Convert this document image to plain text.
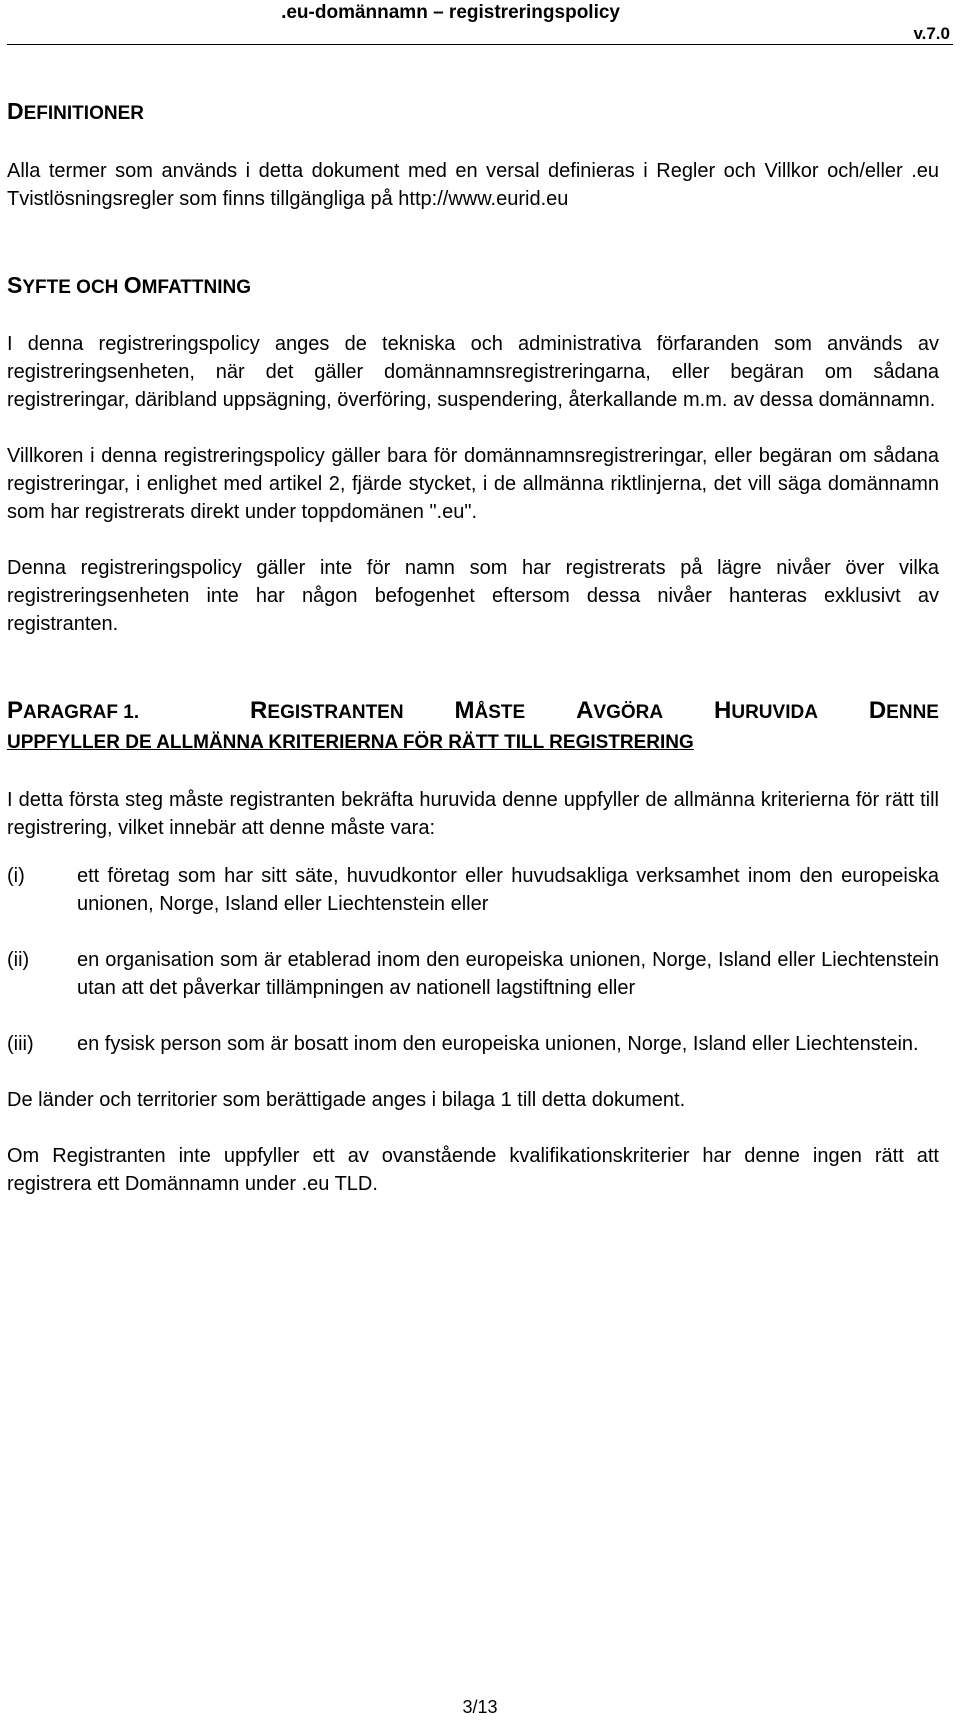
.eu-domännamn – registreringspolicy
v.7.0
DEFINITIONER

Alla termer som används i detta dokument med en versal definieras i Regler och Villkor och/eller .eu Tvistlösningsregler som finns tillgängliga på http://www.eurid.eu

SYFTE OCH OMFATTNING

I denna registreringspolicy anges de tekniska och administrativa förfaranden som används av registreringsenheten, när det gäller domännamnsregistreringarna, eller begäran om sådana registreringar, däribland uppsägning, överföring, suspendering, återkallande m.m. av dessa domännamn.

Villkoren i denna registreringspolicy gäller bara för domännamnsregistreringar, eller begäran om sådana registreringar, i enlighet med artikel 2, fjärde stycket, i de allmänna riktlinjerna, det vill säga domännamn som har registrerats direkt under toppdomänen ".eu".

Denna registreringspolicy gäller inte för namn som har registrerats på lägre nivåer över vilka registreringsenheten inte har någon befogenhet eftersom dessa nivåer hanteras exklusivt av registranten.

PARAGRAF 1.	REGISTRANTEN MÅSTE AVGÖRA HURUVIDA DENNE
UPPFYLLER DE ALLMÄNNA KRITERIERNA FÖR RÄTT TILL REGISTRERING

I detta första steg måste registranten bekräfta huruvida denne uppfyller de allmänna kriterierna för rätt till registrering, vilket innebär att denne måste vara:

(i)	ett företag som har sitt säte, huvudkontor eller huvudsakliga verksamhet inom den europeiska unionen, Norge, Island eller Liechtenstein eller
(ii)	en organisation som är etablerad inom den europeiska unionen, Norge, Island eller Liechtenstein utan att det påverkar tillämpningen av nationell lagstiftning eller
(iii)	en fysisk person som är bosatt inom den europeiska unionen, Norge, Island eller Liechtenstein.

De länder och territorier som berättigade anges i bilaga 1 till detta dokument.

Om Registranten inte uppfyller ett av ovanstående kvalifikationskriterier har denne ingen rätt att registrera ett Domännamn under .eu TLD.

3/13
